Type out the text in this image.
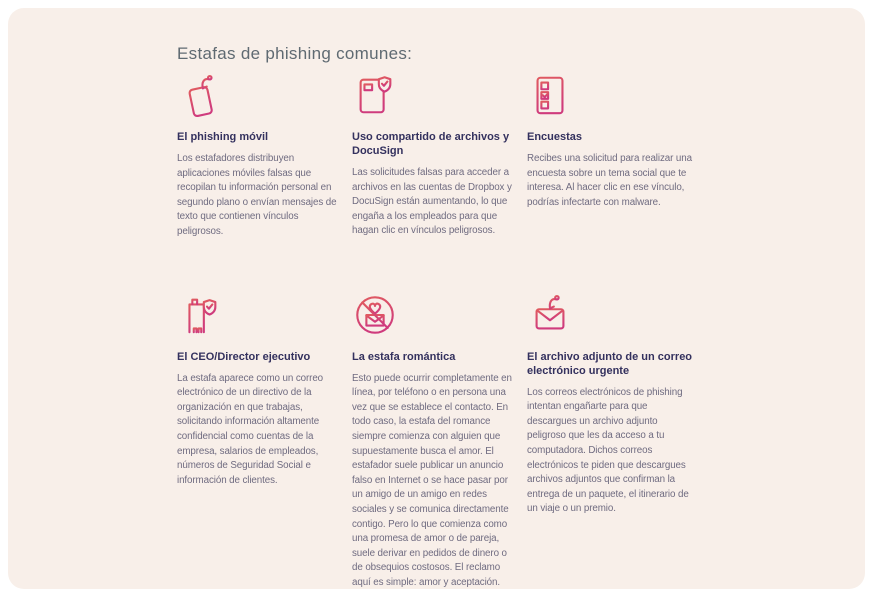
Estafas de phishing comunes:
El phishing móvil

Los estafadores distribuyen aplicaciones móviles falsas que recopilan tu información personal en segundo plano o envían mensajes de texto que contienen vínculos peligrosos.

Uso compartido de archivos y DocuSign

Las solicitudes falsas para acceder a archivos en las cuentas de Dropbox y DocuSign están aumentando, lo que engaña a los empleados para que hagan clic en vínculos peligrosos.

Encuestas

Recibes una solicitud para realizar una encuesta sobre un tema social que te interesa. Al hacer clic en ese vínculo, podrías infectarte con malware.

El CEO/Director ejecutivo

La estafa aparece como un correo electrónico de un directivo de la organización en que trabajas, solicitando información altamente confidencial como cuentas de la empresa, salarios de empleados, números de Seguridad Social e información de clientes.

La estafa romántica

Esto puede ocurrir completamente en línea, por teléfono o en persona una vez que se establece el contacto. En todo caso, la estafa del romance siempre comienza con alguien que supuestamente busca el amor. El estafador suele publicar un anuncio falso en Internet o se hace pasar por un amigo de un amigo en redes sociales y se comunica directamente contigo. Pero lo que comienza como una promesa de amor o de pareja, suele derivar en pedidos de dinero o de obsequios costosos. El reclamo aquí es simple: amor y aceptación.

El archivo adjunto de un correo electrónico urgente

Los correos electrónicos de phishing intentan engañarte para que descargues un archivo adjunto peligroso que les da acceso a tu computadora. Dichos correos electrónicos te piden que descargues archivos adjuntos que confirman la entrega de un paquete, el itinerario de un viaje o un premio.
